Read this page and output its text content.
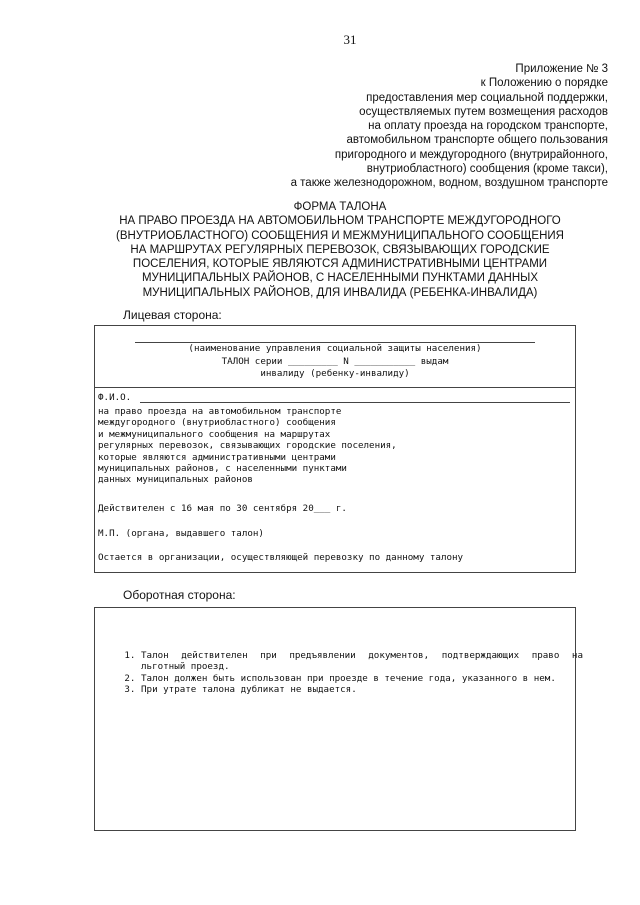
31
Приложение № 3
к Положению о порядке
предоставления мер социальной поддержки,
осуществляемых путем возмещения расходов
на оплату проезда на городском транспорте,
автомобильном транспорте общего пользования
пригородного и междугородного (внутрирайонного,
внутриобластного) сообщения (кроме такси),
а также железнодорожном, водном, воздушном транспорте
ФОРМА ТАЛОНА
НА ПРАВО ПРОЕЗДА НА АВТОМОБИЛЬНОМ ТРАНСПОРТЕ МЕЖДУГОРОДНОГО
(ВНУТРИОБЛАСТНОГО) СООБЩЕНИЯ И МЕЖМУНИЦИПАЛЬНОГО СООБЩЕНИЯ
НА МАРШРУТАХ РЕГУЛЯРНЫХ ПЕРЕВОЗОК, СВЯЗЫВАЮЩИХ ГОРОДСКИЕ
ПОСЕЛЕНИЯ, КОТОРЫЕ ЯВЛЯЮТСЯ АДМИНИСТРАТИВНЫМИ ЦЕНТРАМИ
МУНИЦИПАЛЬНЫХ РАЙОНОВ, С НАСЕЛЕННЫМИ ПУНКТАМИ ДАННЫХ
МУНИЦИПАЛЬНЫХ РАЙОНОВ, ДЛЯ ИНВАЛИДА (РЕБЕНКА-ИНВАЛИДА)
Лицевая сторона:
(наименование управления социальной защиты населения)
ТАЛОН серии _________ N ___________ выдам
инвалиду (ребенку-инвалиду)
Ф.И.О.
на право проезда на автомобильном транспорте
междугородного (внутриобластного) сообщения
и межмуниципального сообщения на маршрутах
регулярных перевозок, связывающих городские поселения,
которые являются административными центрами
муниципальных районов, с населенными пунктами
данных муниципальных районов
Действителен с 16 мая по 30 сентября 20___ г.
М.П. (органа, выдавшего талон)
Остается в организации, осуществляющей перевозку по данному талону
Оборотная сторона:
1. Талон действителен при предъявлении документов, подтверждающих право на льготный проезд.
2. Талон должен быть использован при проезде в течение года, указанного в нем.
3. При утрате талона дубликат не выдается.
